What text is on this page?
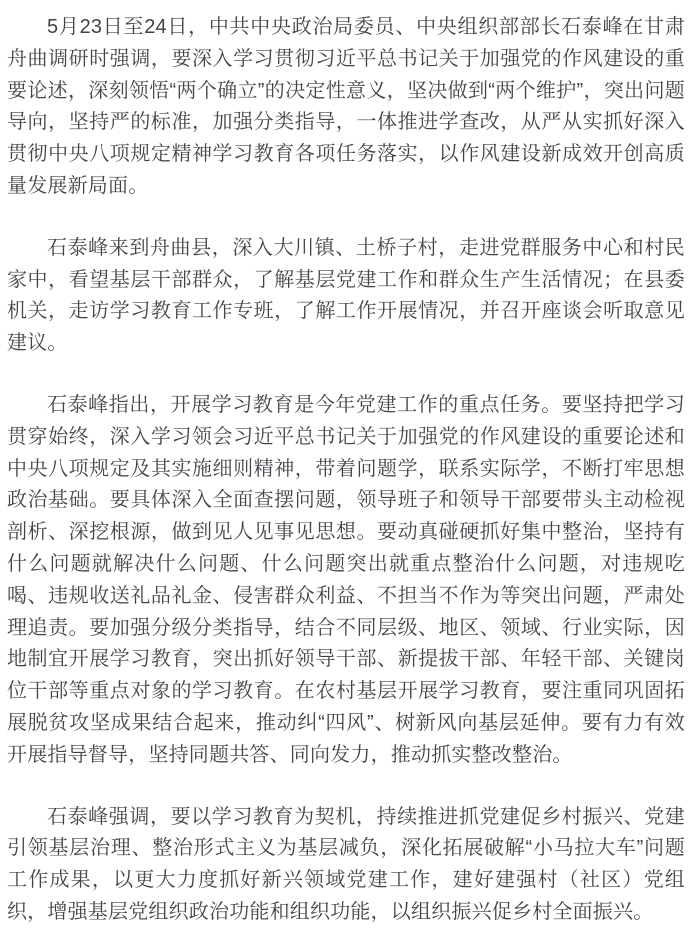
5月23日至24日，中共中央政治局委员、中央组织部部长石泰峰在甘肃舟曲调研时强调，要深入学习贯彻习近平总书记关于加强党的作风建设的重要论述，深刻领悟“两个确立”的决定性意义，坚决做到“两个维护”，突出问题导向，坚持严的标准，加强分类指导，一体推进学查改，从严从实抓好深入贯彻中央八项规定精神学习教育各项任务落实，以作风建设新成效开创高质量发展新局面。

石泰峰来到舟曲县，深入大川镇、土桥子村，走进党群服务中心和村民家中，看望基层干部群众，了解基层党建工作和群众生产生活情况；在县委机关，走访学习教育工作专班，了解工作开展情况，并召开座谈会听取意见建议。

石泰峰指出，开展学习教育是今年党建工作的重点任务。要坚持把学习贯穿始终，深入学习领会习近平总书记关于加强党的作风建设的重要论述和中央八项规定及其实施细则精神，带着问题学，联系实际学，不断打牢思想政治基础。要具体深入全面查摆问题，领导班子和领导干部要带头主动检视剖析、深挖根源，做到见人见事见思想。要动真碰硬抓好集中整治，坚持有什么问题就解决什么问题、什么问题突出就重点整治什么问题，对违规吃喝、违规收送礼品礼金、侵害群众利益、不担当不作为等突出问题，严肃处理追责。要加强分级分类指导，结合不同层级、地区、领域、行业实际，因地制宜开展学习教育，突出抓好领导干部、新提拔干部、年轻干部、关键岗位干部等重点对象的学习教育。在农村基层开展学习教育，要注重同巩固拓展脱贫攻坚成果结合起来，推动纠“四风”、树新风向基层延伸。要有力有效开展指导督导，坚持同题共答、同向发力，推动抓实整改整治。

石泰峰强调，要以学习教育为契机，持续推进抓党建促乡村振兴、党建引领基层治理、整治形式主义为基层减负，深化拓展破解“小马拉大车”问题工作成果，以更大力度抓好新兴领域党建工作，建好建强村（社区）党组织，增强基层党组织政治功能和组织功能，以组织振兴促乡村全面振兴。
